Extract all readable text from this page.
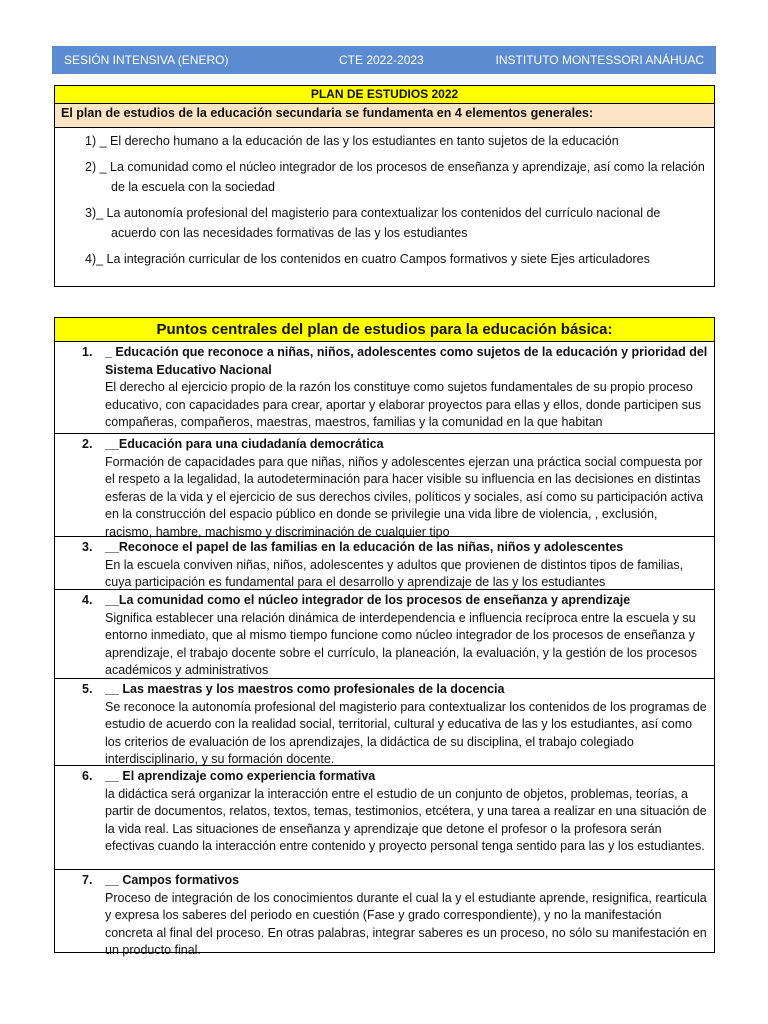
SESIÓN INTENSIVA (ENERO)	CTE 2022-2023	INSTITUTO MONTESSORI ANÁHUAC
PLAN DE ESTUDIOS 2022
El plan de estudios de la educación secundaria se fundamenta en 4 elementos generales:
1) _ El derecho humano a la educación de las y los estudiantes en tanto sujetos de la educación
2) _ La comunidad como el núcleo integrador de los procesos de enseñanza y aprendizaje, así como la relación de la escuela con la sociedad
3)_ La autonomía profesional del magisterio para contextualizar los contenidos del currículo nacional de acuerdo con las necesidades formativas de las y los estudiantes
4)_ La integración curricular de los contenidos en cuatro Campos formativos y siete Ejes articuladores
Puntos centrales del plan de estudios para la educación básica:
1. _ Educación que reconoce a niñas, niños, adolescentes como sujetos de la educación y prioridad del Sistema Educativo Nacional
El derecho al ejercicio propio de la razón los constituye como sujetos fundamentales de su propio proceso educativo, con capacidades para crear, aportar y elaborar proyectos para ellas y ellos, donde participen sus compañeras, compañeros, maestras, maestros, familias y la comunidad en la que habitan
2. __Educación para una ciudadanía democrática
Formación de capacidades para que niñas, niños y adolescentes ejerzan una práctica social compuesta por el respeto a la legalidad, la autodeterminación para hacer visible su influencia en las decisiones en distintas esferas de la vida y el ejercicio de sus derechos civiles, políticos y sociales, así como su participación activa en la construcción del espacio público en donde se privilegie una vida libre de violencia, , exclusión, racismo, hambre, machismo y discriminación de cualquier tipo
3. __Reconoce el papel de las familias en la educación de las niñas, niños y adolescentes
En la escuela conviven niñas, niños, adolescentes y adultos que provienen de distintos tipos de familias, cuya participación es fundamental para el desarrollo y aprendizaje de las y los estudiantes
4. __La comunidad como el núcleo integrador de los procesos de enseñanza y aprendizaje
Significa establecer una relación dinámica de interdependencia e influencia recíproca entre la escuela y su entorno inmediato, que al mismo tiempo funcione como núcleo integrador de los procesos de enseñanza y aprendizaje, el trabajo docente sobre el currículo, la planeación, la evaluación, y la gestión de los procesos académicos y administrativos
5. __ Las maestras y los maestros como profesionales de la docencia
Se reconoce la autonomía profesional del magisterio para contextualizar los contenidos de los programas de estudio de acuerdo con la realidad social, territorial, cultural y educativa de las y los estudiantes, así como los criterios de evaluación de los aprendizajes, la didáctica de su disciplina, el trabajo colegiado interdisciplinario, y su formación docente.
6. __ El aprendizaje como experiencia formativa
la didáctica será organizar la interacción entre el estudio de un conjunto de objetos, problemas, teorías, a partir de documentos, relatos, textos, temas, testimonios, etcétera, y una tarea a realizar en una situación de la vida real. Las situaciones de enseñanza y aprendizaje que detone el profesor o la profesora serán efectivas cuando la interacción entre contenido y proyecto personal tenga sentido para las y los estudiantes.
7. __ Campos formativos
Proceso de integración de los conocimientos durante el cual la y el estudiante aprende, resignifica, rearticula y expresa los saberes del periodo en cuestión (Fase y grado correspondiente), y no la manifestación concreta al final del proceso. En otras palabras, integrar saberes es un proceso, no sólo su manifestación en un producto final.
